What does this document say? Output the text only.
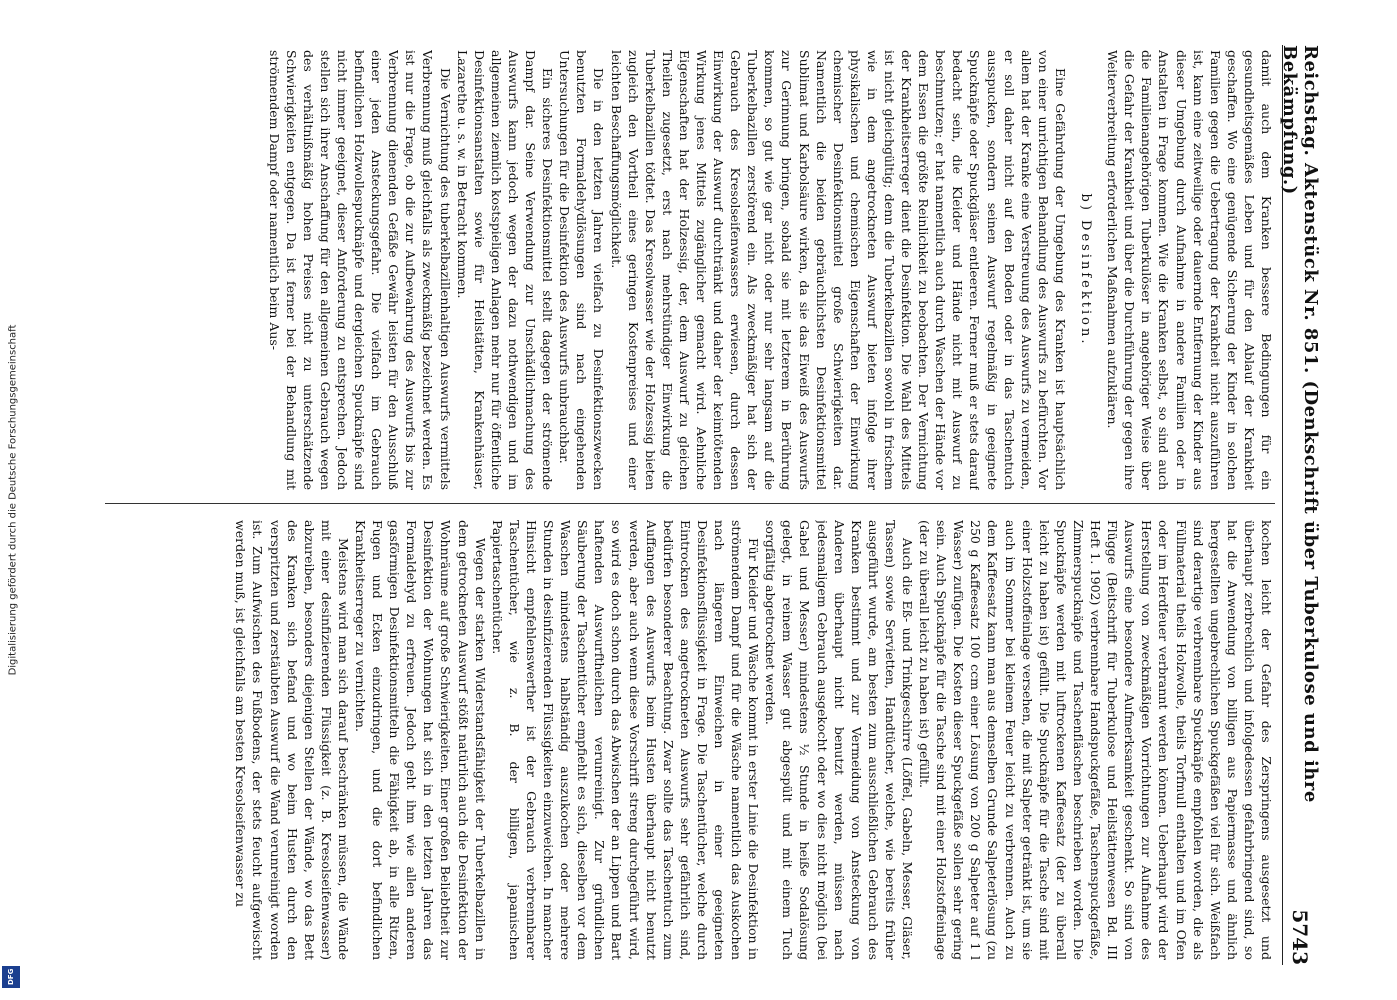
Digitalisierung gefördert durch die Deutsche Forschungsgemeinschaft
DFG
Reichstag. Aktenstück Nr. 851. (Denkschrift über Tuberkulose und ihre Bekämpfung.)
5743

damit auch dem Kranken bessere Bedingungen für ein gesundheitsgemäßes Leben und für den Ablauf der Krankheit geschaffen. Wo eine genügende Sicherung der Kinder in solchen Familien gegen die Uebertragung der Krankheit nicht auszuführen ist, kann eine zeitweilige oder dauernde Entfernung der Kinder aus dieser Umgebung durch Aufnahme in andere Familien oder in Anstalten in Frage kommen. Wie die Kranken selbst, so sind auch die Familienangehörigen Tuberkulöser in angehöriger Weise über die Gefahr der Krankheit und über die Durchführung der gegen ihre Weiterverbreitung erforderlichen Maßnahmen aufzuklären.

b) Desinfektion.

Eine Gefährdung der Umgebung des Kranken ist hauptsächlich von einer unrichtigen Behandlung des Auswurfs zu befürchten. Vor allem hat der Kranke eine Verstreuung des Auswurfs zu vermeiden, er soll daher nicht auf den Boden oder in das Taschentuch ausspucken, sondern seinen Auswurf regelmäßig in geeignete Spucknäpfe oder Spuckgläser entleeren. Ferner muß er stets darauf bedacht sein, die Kleider und Hände nicht mit Auswurf zu beschmutzen; er hat namentlich auch durch Waschen der Hände vor dem Essen die größte Reinlichkeit zu beobachten. Der Vernichtung der Krankheitserreger dient die Desinfektion. Die Wahl des Mittels ist nicht gleichgültig; denn die Tuberkelbazillen sowohl in frischem wie in dem angetrockneten Auswurf bieten infolge ihrer physikalischen und chemischen Eigenschaften der Einwirkung chemischer Desinfektionsmittel große Schwierigkeiten dar. Namentlich die beiden gebräuchlichsten Desinfektionsmittel Sublimat und Karbolsäure wirken, da sie das Eiweiß des Auswurfs zur Gerinnung bringen, sobald sie mit letzterem in Berührung kommen, so gut wie gar nicht oder nur sehr langsam auf die Tuberkelbazillen zerstörend ein. Als zweckmäßiger hat sich der Gebrauch des Kresolseifenwassers erwiesen, durch dessen Einwirkung der Auswurf durchtränkt und daher der keimtötenden Wirkung jenes Mittels zugänglicher gemacht wird. Aehnliche Eigenschaften hat der Holzessig, der, dem Auswurf zu gleichen Theilen zugesetzt, erst nach mehrstündiger Einwirkung die Tuberkelbazillen tödtet. Das Kresolwasser wie der Holzessig bieten zugleich den Vortheil eines geringen Kostenpreises und einer leichten Beschaffungsmöglichkeit.

Die in den letzten Jahren vielfach zu Desinfektionszwecken benutzten Formaldehydlösungen sind nach eingehenden Untersuchungen für die Desinfektion des Auswurfs unbrauchbar.

Ein sicheres Desinfektionsmittel stellt dagegen der strömende Dampf dar. Seine Verwendung zur Unschädlichmachung des Auswurfs kann jedoch wegen der dazu nothwendigen und im allgemeinen ziemlich kostspieligen Anlagen mehr nur für öffentliche Desinfektionsanstalten sowie für Heilstätten, Krankenhäuser, Lazarethe u. s. w. in Betracht kommen.

Die Vernichtung des tuberkelbazillenhaltigen Auswurfs vermittels Verbrennung muß gleichfalls als zweckmäßig bezeichnet werden. Es ist nur die Frage, ob die zur Aufbewahrung des Auswurfs bis zur Verbrennung dienenden Gefäße Gewähr leisten für den Ausschluß einer jeden Ansteckungsgefahr. Die vielfach im Gebrauch befindlichen Holzwollespucknäpfe und dergleichen Spucknäpfe sind nicht immer geeignet, dieser Anforderung zu entsprechen. Jedoch stellen sich ihrer Anschaffung für den allgemeinen Gebrauch wegen des verhältnißmäßig hohen Preises nicht zu unterschätzende Schwierigkeiten entgegen. Da ist ferner bei der Behandlung mit strömendem Dampf oder namentlich beim Aus-

kochen leicht der Gefahr des Zerspringens ausgesetzt und überhaupt zerbrechlich und infolgedessen gefahrbringend sind, so hat die Anwendung von billigen aus Papiermasse und ähnlich hergestellten ungebrechlichen Spuckgefäßen viel für sich. Weißfach sind derartige verbrennbare Spucknäpfe empfohlen worden, die als Füllmaterial theils Holzwolle, theils Torfmull enthalten und im Ofen oder im Herdfeuer verbrannt werden können. Ueberhaupt wird der Herstellung von zweckmäßigen Vorrichtungen zur Aufnahme des Auswurfs eine besondere Aufmerksamkeit geschenkt. So sind von Flügge (Beitschrift für Tuberkulose und Heilstättenwesen Bd. III Heft 1. 1902) verbrennbare Handspuckgefäße, Taschenspuckgefäße, Zimmerspucknäpfe und Taschenfläschen beschrieben worden. Die Spucknäpfe werden mit luftrockenen Kaffeesatz (der zu überall leicht zu haben ist) gefüllt. Die Spucknäpfe für die Tasche sind mit einer Holzstoffeinlage versehen, die mit Salpeter getränkt ist, um sie auch im Sommer bei kleinem Feuer leicht zu verbrennen. Auch zu dem Kaffeesatz kann man aus demselben Grunde Salpeterlösung (zu 250 g Kaffeesatz 100 ccm einer Lösung von 200 g Salpeter auf 1 l Wasser) zufügen. Die Kosten dieser Spuckgefäße sollen sehr gering sein. Auch Spucknäpfe für die Tasche sind mit einer Holzstoffeinlage (der zu überall leicht zu haben ist) gefüllt.

Auch die Eß- und Trinkgeschirre (Löffel, Gabeln, Messer, Gläser, Tassen) sowie Servietten, Handtücher, welche, wie bereits früher ausgeführt wurde, am besten zum ausschließlichen Gebrauch des Kranken bestimmt und zur Vermeidung von Ansteckung von Anderen überhaupt nicht benutzt werden, müssen nach jedesmaligem Gebrauch ausgekocht oder wo dies nicht möglich (bei Gabel und Messer) mindestens ½ Stunde in heiße Sodalösung gelegt, in reinem Wasser gut abgespült und mit einem Tuch sorgfältig abgetrocknet werden.

Für Kleider und Wäsche kommt in erster Linie die Desinfektion in strömendem Dampf und für die Wäsche namentlich das Auskochen nach längerem Einweichen in einer geeigneten Desinfektionsflüssigkeit in Frage. Die Taschentücher, welche durch Eintrocknen des angetrockneten Auswurfs sehr gefährlich sind, bedürfen besonderer Beachtung. Zwar sollte das Taschentuch zum Auffangen des Auswurfs beim Husten überhaupt nicht benutzt werden, aber auch wenn diese Vorschrift streng durchgeführt wird, so wird es doch schon durch das Abwischen der an Lippen und Bart haftenden Auswurftheilchen verunreinigt. Zur gründlichen Säuberung der Taschentücher empfiehlt es sich, dieselben vor dem Waschen mindestens halbständig auszukochen oder mehrere Stunden in desinfizierenden Flüssigkeiten einzuweichen. In mancher Hinsicht empfehlenswerther ist der Gebrauch verbrennbarer Taschentücher, wie z. B. der billigen, japanischen Papiertaschentücher.

Wegen der starken Widerstandsfähigkeit der Tuberkelbazillen in dem getrockneten Auswurf stößt natürlich auch die Desinfektion der Wohnräume auf große Schwierigkeiten. Einer großen Beliebtheit zur Desinfektion der Wohnungen hat sich in den letzten Jahren das Formaldehyd zu erfreuen. Jedoch geht ihm wie allen anderen gasförmigen Desinfektionsmitteln die Fähigkeit ab, in alle Ritzen, Fugen und Ecken einzudringen, und die dort befindlichen Krankheitserreger zu vernichten.

Meistens wird man sich darauf beschränken müssen, die Wände mit einer desinfizierenden Flüssigkeit (z. B. Kresolseifenwasser) abzureiben, besonders diejenigen Stellen der Wände, wo das Bett des Kranken sich befand und wo beim Husten durch den verspritzten und zerstäubten Auswurf die Wand verunreinigt worden ist. Zum Aufwischen des Fußbodens, der stets feucht aufgewischt werden muß, ist gleichfalls am besten Kresolseifenwasser zu
